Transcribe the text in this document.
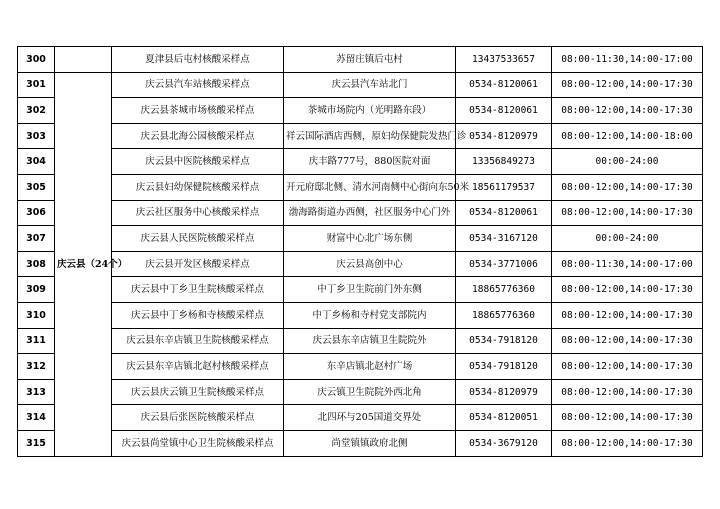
300		夏津县后屯村核酸采样点	苏留庄镇后屯村	13437533657	08:00-11:30,14:00-17:00
301	庆云县（24个）	庆云县汽车站核酸采样点	庆云县汽车站北门	0534-8120061	08:00-12:00,14:00-17:30
302		庆云县茶城市场核酸采样点	茶城市场院内（光明路东段）	0534-8120061	08:00-12:00,14:00-17:30
303		庆云县北海公园核酸采样点	祥云国际酒店西侧，原妇幼保健院发热门诊	0534-8120979	08:00-12:00,14:00-18:00
304		庆云县中医院核酸采样点	庆丰路777号，880医院对面	13356849273	00:00-24:00
305		庆云县妇幼保健院核酸采样点	开元府邸北侧、清水河南侧中心街向东50米	18561179537	08:00-12:00,14:00-17:30
306		庆云社区服务中心核酸采样点	渤海路街道办西侧，社区服务中心门外	0534-8120061	08:00-12:00,14:00-17:30
307		庆云县人民医院核酸采样点	财富中心北广场东侧	0534-3167120	00:00-24:00
308		庆云县开发区核酸采样点	庆云县高创中心	0534-3771006	08:00-11:30,14:00-17:00
309		庆云县中丁乡卫生院核酸采样点	中丁乡卫生院前门外东侧	18865776360	08:00-12:00,14:00-17:30
310		庆云县中丁乡杨和寺核酸采样点	中丁乡杨和寺村党支部院内	18865776360	08:00-12:00,14:00-17:30
311		庆云县东辛店镇卫生院核酸采样点	庆云县东辛店镇卫生院院外	0534-7918120	08:00-12:00,14:00-17:30
312		庆云县东辛店镇北赵村核酸采样点	东辛店镇北赵村广场	0534-7918120	08:00-12:00,14:00-17:30
313		庆云县庆云镇卫生院核酸采样点	庆云镇卫生院院外西北角	0534-8120979	08:00-12:00,14:00-17:30
314		庆云县后张医院核酸采样点	北四环与205国道交界处	0534-8120051	08:00-12:00,14:00-17:30
315		庆云县尚堂镇中心卫生院核酸采样点	尚堂镇镇政府北侧	0534-3679120	08:00-12:00,14:00-17:30
